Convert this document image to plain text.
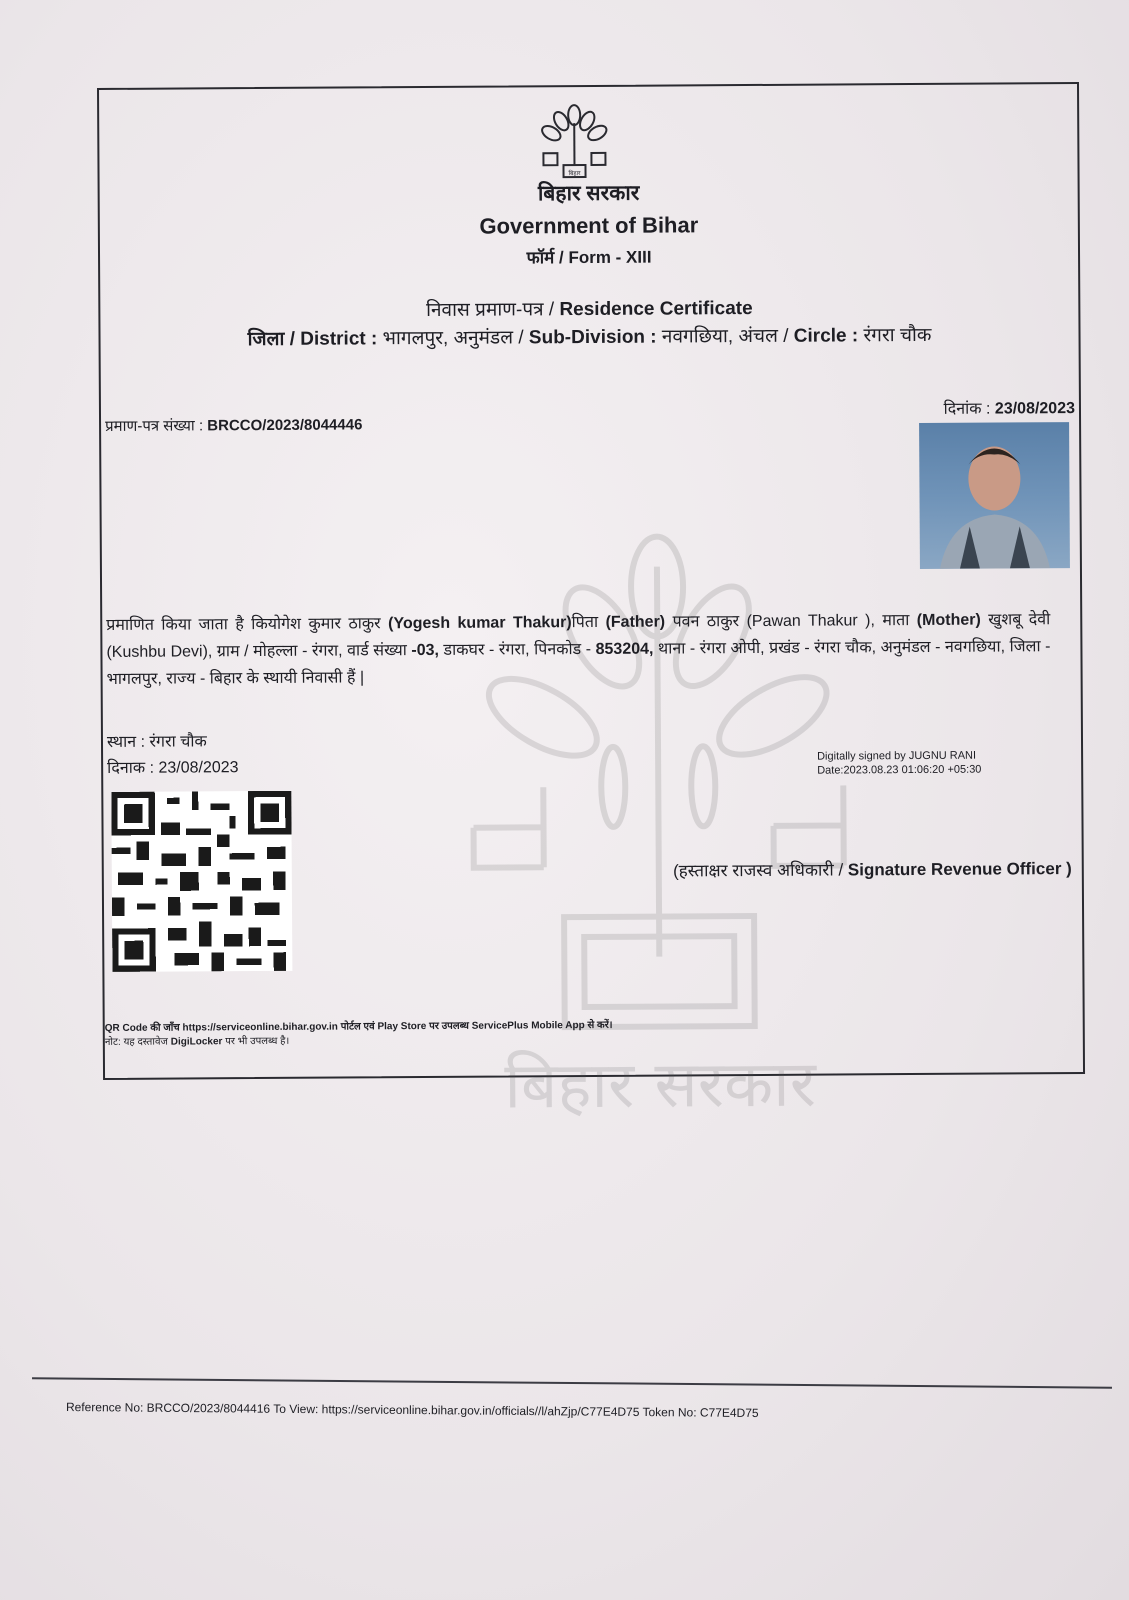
बिहार सरकार
बिहार
बिहार सरकार
Government of Bihar
फॉर्म / Form - XIII
निवास प्रमाण-पत्र / Residence Certificate
जिला / District : भागलपुर, अनुमंडल / Sub-Division : नवगछिया, अंचल / Circle : रंगरा चौक
प्रमाण-पत्र संख्या : BRCCO/2023/8044446
दिनांक : 23/08/2023
प्रमाणित किया जाता है कियोगेश कुमार ठाकुर (Yogesh kumar Thakur)पिता (Father) पवन ठाकुर (Pawan Thakur ), माता (Mother) खुशबू देवी (Kushbu Devi), ग्राम / मोहल्ला - रंगरा, वार्ड संख्या -03, डाकघर - रंगरा, पिनकोड - 853204, थाना - रंगरा ओपी, प्रखंड - रंगरा चौक, अनुमंडल - नवगछिया, जिला - भागलपुर, राज्य - बिहार के स्थायी निवासी हैं |
स्थान : रंगरा चौक
दिनाक : 23/08/2023
Digitally signed by JUGNU RANI
Date:2023.08.23 01:06:20 +05:30
(हस्ताक्षर राजस्व अधिकारी / Signature Revenue Officer )
QR Code की जाँच https://serviceonline.bihar.gov.in पोर्टल एवं Play Store पर उपलब्ध ServicePlus Mobile App से करें।
नोट: यह दस्तावेज DigiLocker पर भी उपलब्ध है।
Reference No: BRCCO/2023/8044416 To View: https://serviceonline.bihar.gov.in/officials//l/ahZjp/C77E4D75 Token No: C77E4D75
